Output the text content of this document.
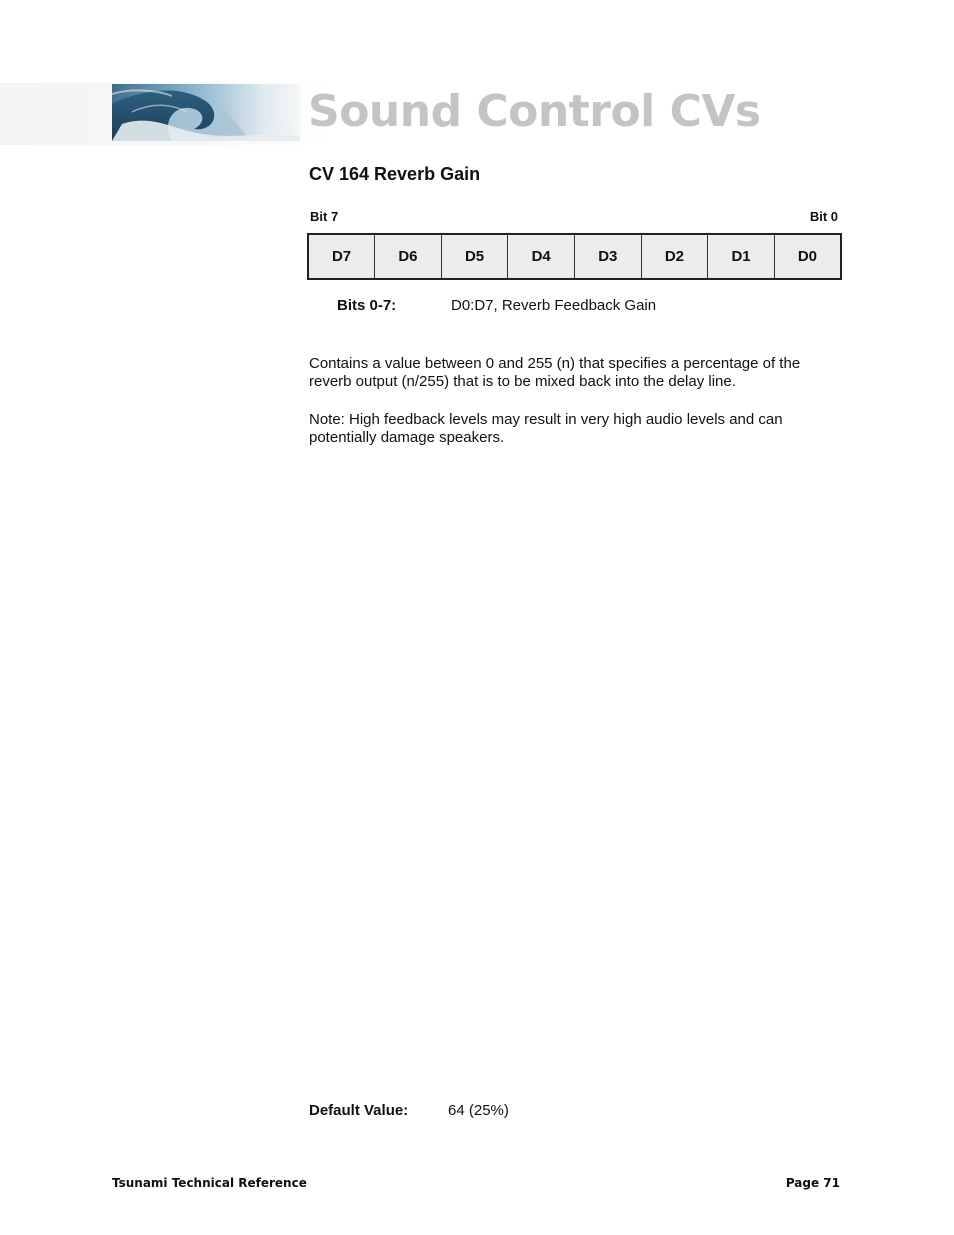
Sound Control CVs
CV 164 Reverb Gain
Bit 7	Bit 0
D7	D6	D5	D4	D3	D2	D1	D0
Bits 0-7:	D0:D7, Reverb Feedback Gain

Contains a value between 0 and 255 (n) that specifies a percentage of the reverb output (n/255) that is to be mixed back into the delay line.

Note: High feedback levels may result in very high audio levels and can potentially damage speakers.

Default Value:	64 (25%)
Tsunami Technical Reference	Page 71
